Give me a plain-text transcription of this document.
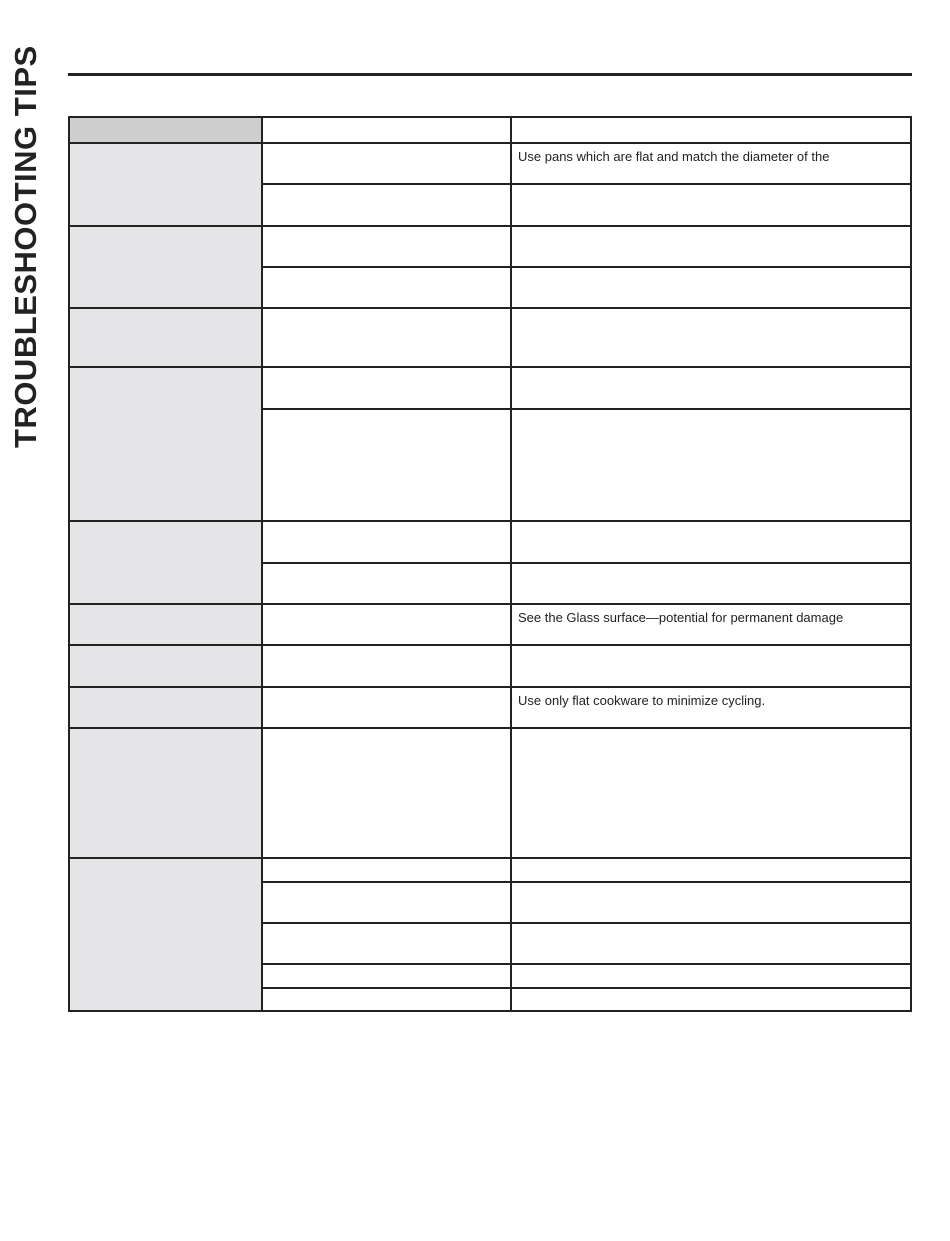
TROUBLESHOOTING TIPS	Use pans which are flat and match the diameter of the
See the Glass surface—potential for permanent damage
Use only flat cookware to minimize cycling.
